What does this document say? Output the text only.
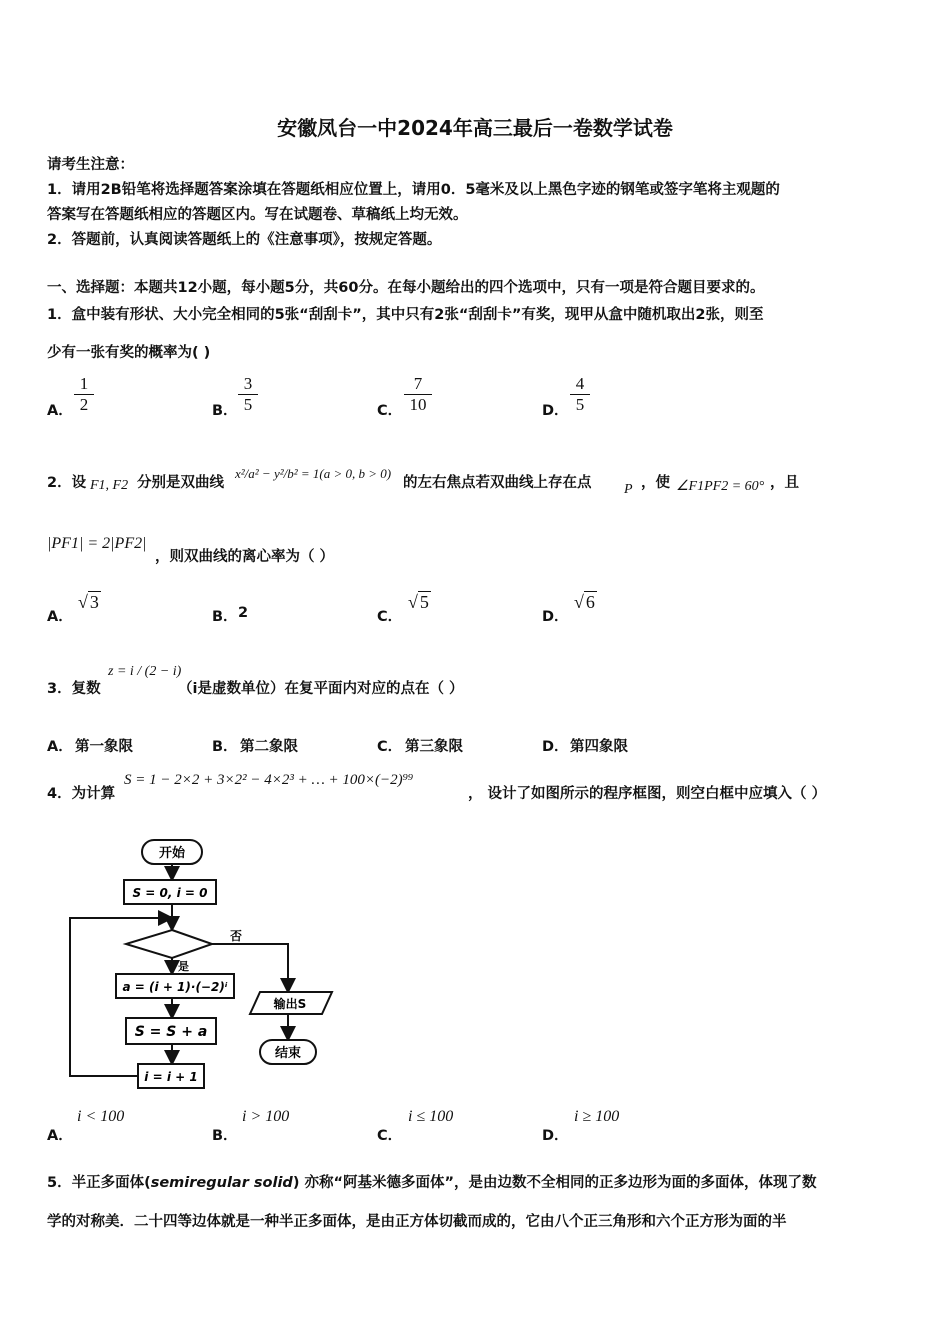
安徽凤台一中2024年高三最后一卷数学试卷
请考生注意：
1．请用2B铅笔将选择题答案涂填在答题纸相应位置上，请用0．5毫米及以上黑色字迹的钢笔或签字笔将主观题的
答案写在答题纸相应的答题区内。写在试题卷、草稿纸上均无效。
2．答题前，认真阅读答题纸上的《注意事项》，按规定答题。
一、选择题：本题共12小题，每小题5分，共60分。在每小题给出的四个选项中，只有一项是符合题目要求的。
1．盒中装有形状、大小完全相同的5张“刮刮卡”，其中只有2张“刮刮卡”有奖，现甲从盒中随机取出2张，则至
少有一张有奖的概率为( )
A．
1
2	B．
3
5	C．
7
10	D．
4
5
2．设 F1, F2 分别是双曲线
x²/a² − y²/b² = 1(a > 0, b > 0)
的左右焦点若双曲线上存在点 P ，使 ∠F1PF2 = 60° ，且
|PF1| = 2|PF2|
，则双曲线的离心率为（ ）
A．
√ 3
B． 2	C．
√ 5
D．
√ 6
3．复数
z = i / (2 − i)
（i是虚数单位）在复平面内对应的点在（ ）
A． 第一象限	B． 第二象限	C． 第三象限	D． 第四象限
4．为计算
S = 1 − 2×2 + 3×2² − 4×2³ + … + 100×(−2)⁹⁹
， 设计了如图所示的程序框图，则空白框中应填入（ ）
开始
S = 0, i = 0
否
是
a = (i + 1)·(−2)ⁱ
S = S + a
i = i + 1
输出S
结束
A．
i < 100
B．
i > 100
C．
i ≤ 100
D．
i ≥ 100
5．半正多面体(semiregular solid) 亦称“阿基米德多面体”，是由边数不全相同的正多边形为面的多面体，体现了数
学的对称美．二十四等边体就是一种半正多面体，是由正方体切截而成的，它由八个正三角形和六个正方形为面的半
